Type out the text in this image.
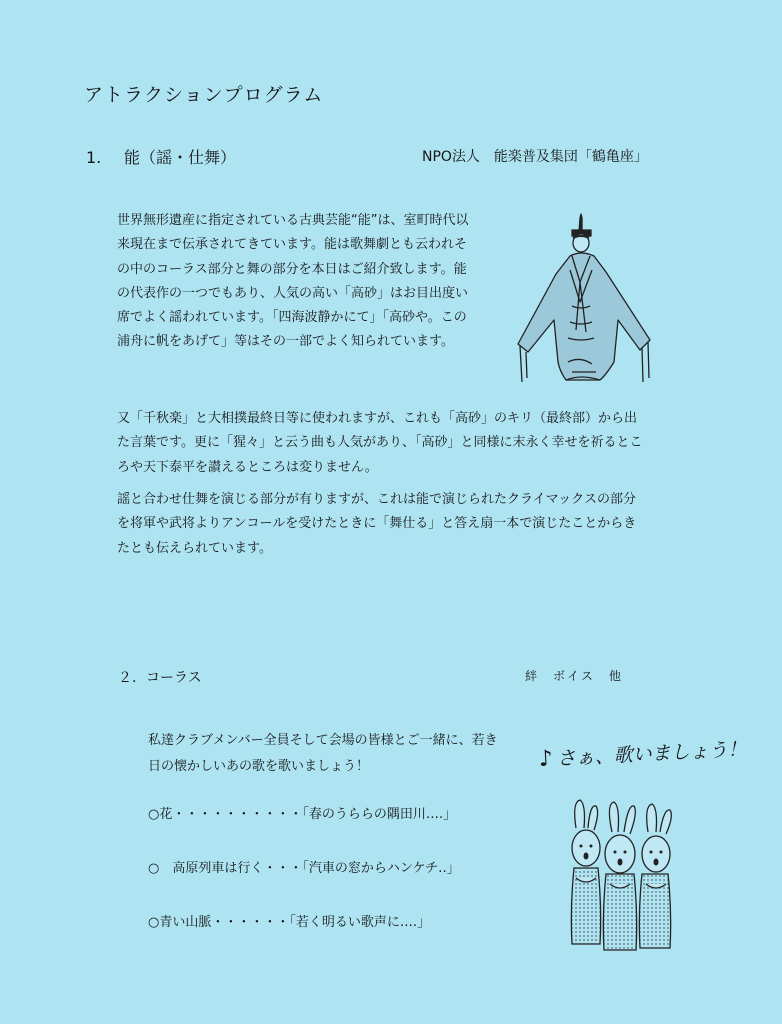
アトラクションプログラム
1. 能（謡・仕舞）	NPO法人　能楽普及集団「鶴亀座」

世界無形遺産に指定されている古典芸能“能”は、室町時代以来現在まで伝承されてきています。能は歌舞劇とも云われその中のコーラス部分と舞の部分を本日はご紹介致します。能の代表作の一つでもあり、人気の高い「高砂」はお目出度い席でよく謡われています。「四海波静かにて」「高砂や。この浦舟に帆をあげて」等はその一部でよく知られています。

又「千秋楽」と大相撲最終日等に使われますが、これも「高砂」のキリ（最終部）から出た言葉です。更に「猩々」と云う曲も人気があり、「高砂」と同様に末永く幸せを祈るところや天下泰平を讃えるところは変りません。

謡と合わせ仕舞を演じる部分が有りますが、これは能で演じられたクライマックスの部分を将軍や武将よりアンコールを受けたときに「舞仕る」と答え扇一本で演じたことからきたとも伝えられています。

２．コーラス	絆　ボイス　他

私達クラブメンバー全員そして会場の皆様とご一緒に、若き日の懐かしいあの歌を歌いましょう！

○花・・・・・・・・・・「春のうららの隅田川‥‥」
○　高原列車は行く・・・「汽車の窓からハンケチ‥」
○青い山脈・・・・・・「若く明るい歌声に‥‥」
♪ さぁ、歌いましょう！
